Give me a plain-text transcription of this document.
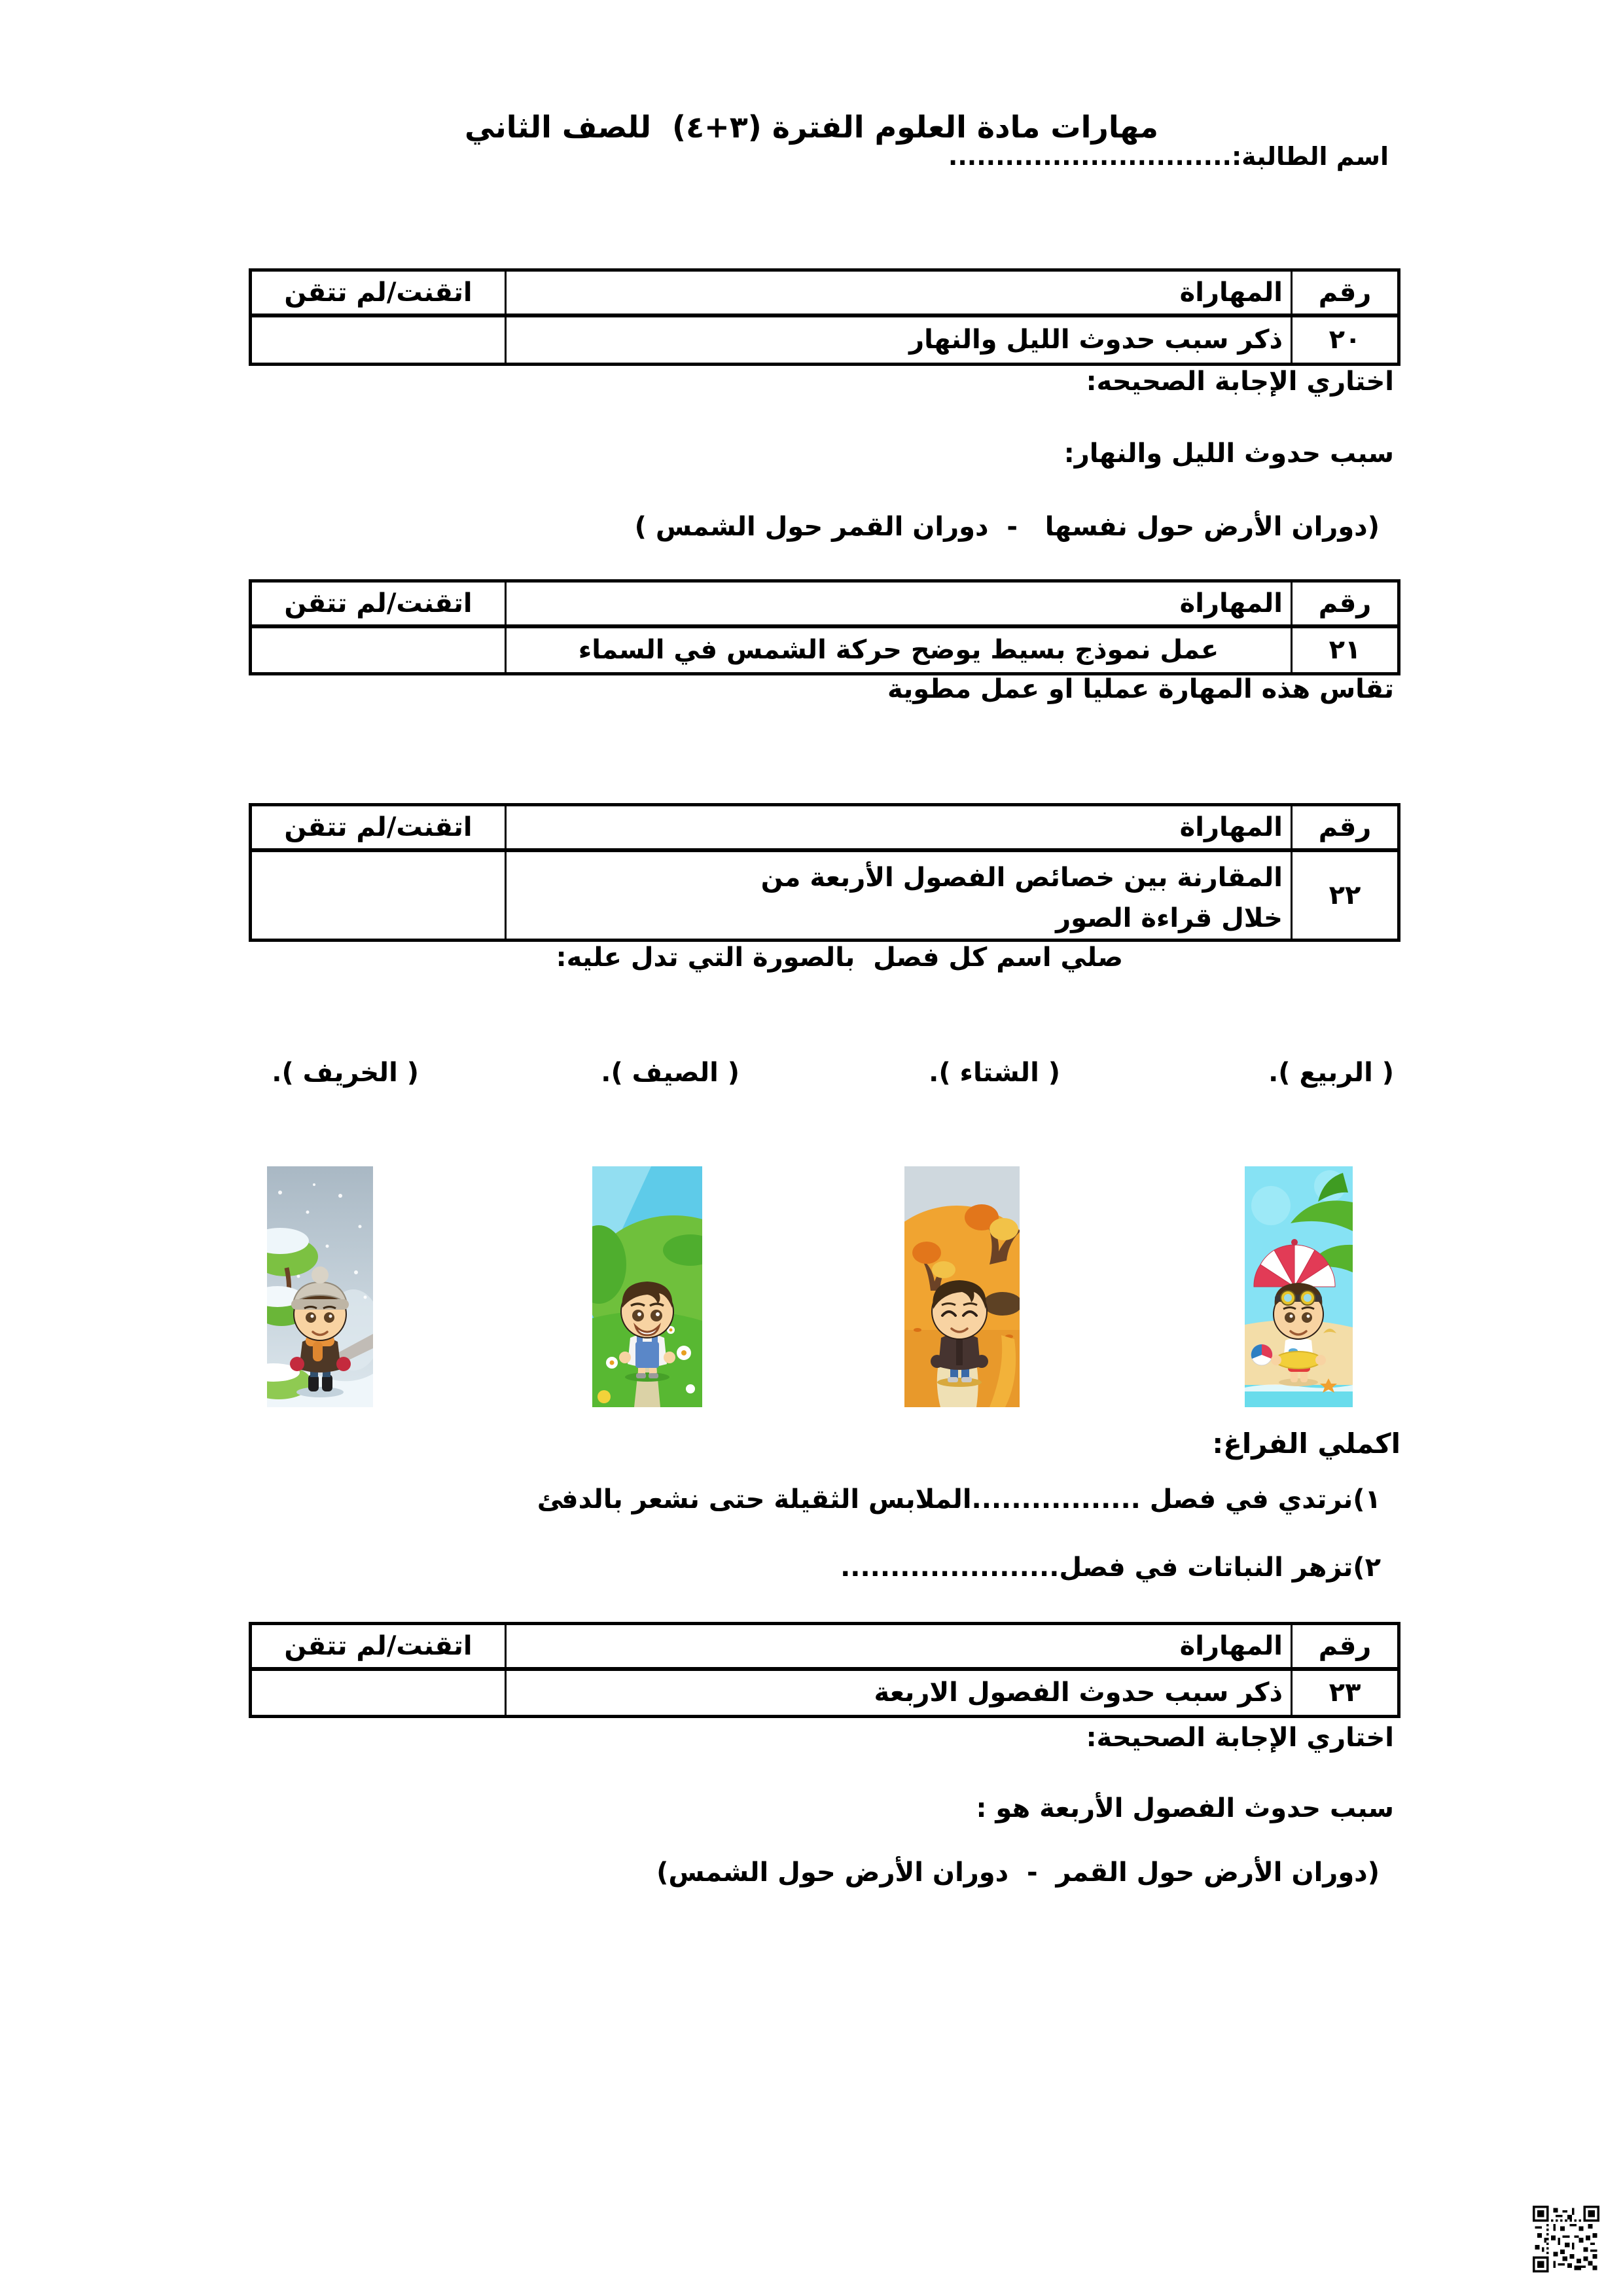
مهارات مادة العلوم الفترة (٣+٤)  للصف الثاني
اسم الطالبة:..............................
رقم	المهاراة	اتقنت/لم تتقن
٢٠	ذكر سبب حدوث الليل والنهار	
اختاري الإجابة الصحيحه:
سبب حدوث الليل والنهار:
(دوران الأرض حول نفسها   -  دوران القمر حول الشمس )
رقم	المهاراة	اتقنت/لم تتقن
٢١	عمل نموذج بسيط يوضح حركة الشمس في السماء	
تقاس هذه المهارة عمليا او عمل مطوية
رقم	المهاراة	اتقنت/لم تتقن
٢٢	المقارنة بين خصائص الفصول الأربعة من خلال قراءة الصور	
صلي اسم كل فصل  بالصورة التي تدل عليه:
( الربيع ).
( الشتاء ).
( الصيف ).
( الخريف ).
اكملي الفراغ:
١)نرتدي في فصل .................الملابس الثقيلة حتى نشعر بالدفئ
٢)تزهر النباتات في فصل......................
رقم	المهاراة	اتقنت/لم تتقن
٢٣	ذكر سبب حدوث الفصول الاربعة	
اختاري الإجابة الصحيحة:
سبب حدوث الفصول الأربعة هو :
(دوران الأرض حول القمر  -  دوران الأرض حول الشمس)
